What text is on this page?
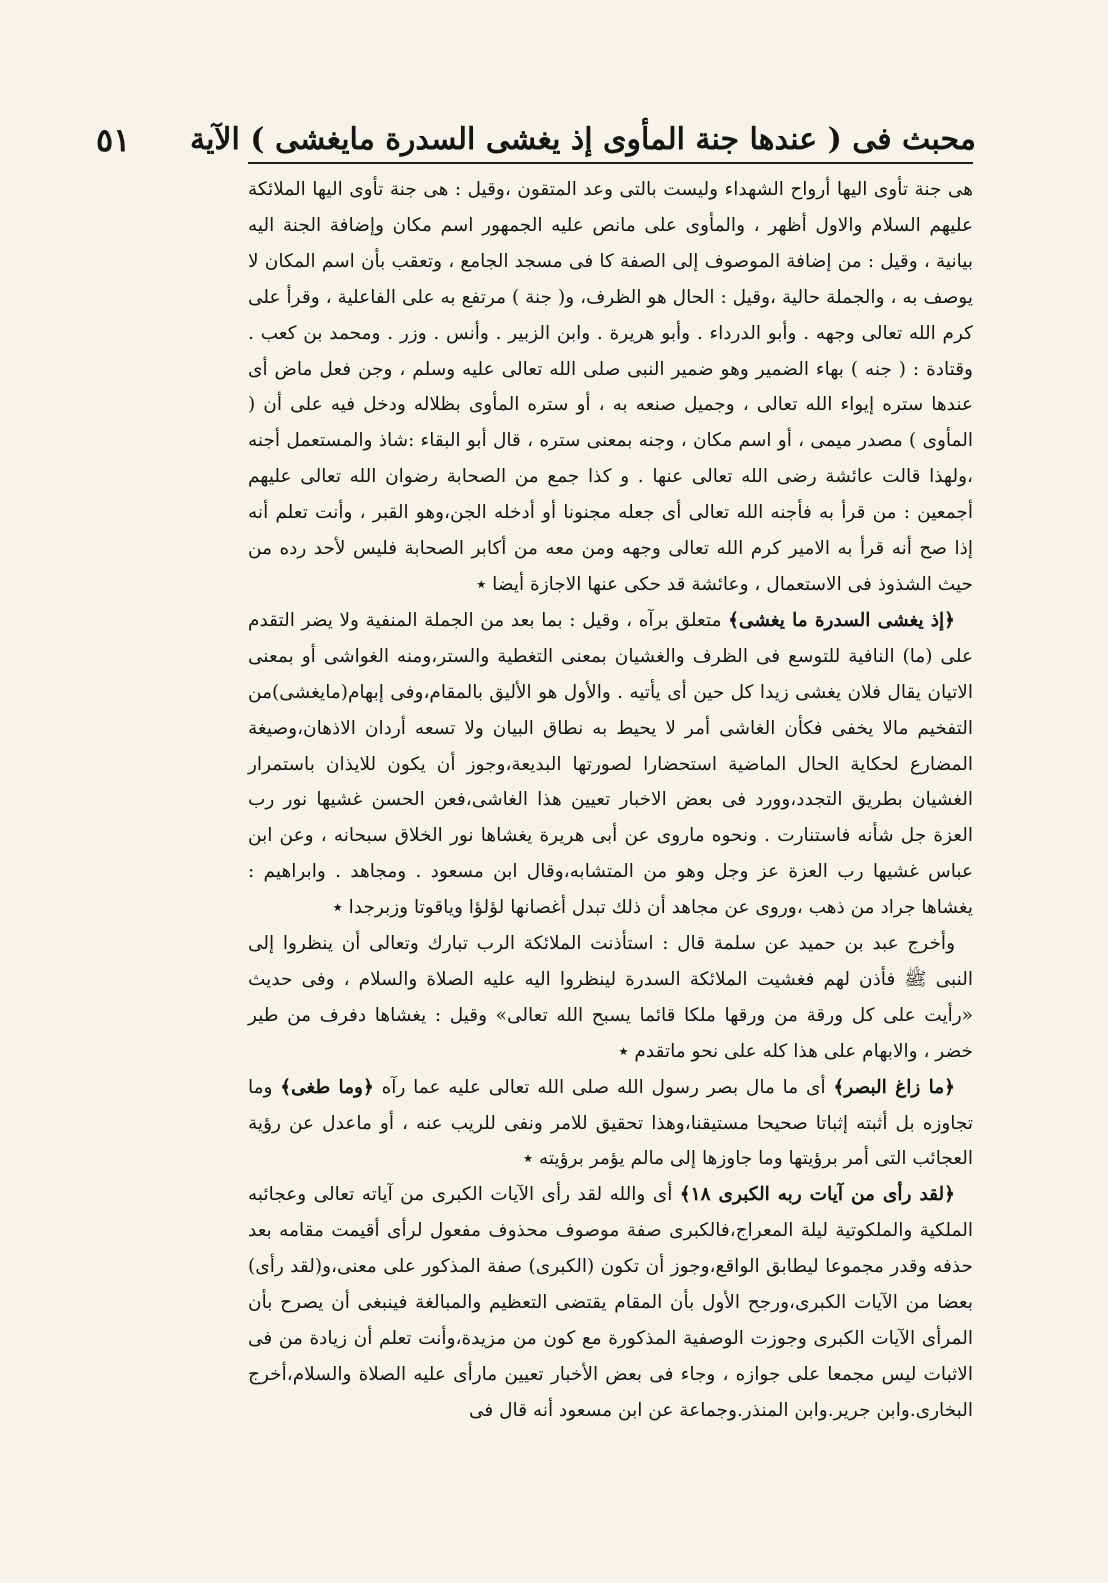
٥١ محبث فى ( عندها جنة المأوى إذ يغشى السدرة مايغشى ) الآية

هى جنة تأوى اليها أرواح الشهداء وليست بالتى وعد المتقون ،وقيل : هى جنة تأوى اليها الملائكة عليهم السلام والاول أظهر ، والمأوى على مانص عليه الجمهور اسم مكان وإضافة الجنة اليه بيانية ، وقيل : من إضافة الموصوف إلى الصفة كا فى مسجد الجامع ، وتعقب بأن اسم المكان لا يوصف به ، والجملة حالية ،وقيل : الحال هو الظرف، و( جنة ) مرتفع به على الفاعلية ، وقرأ على كرم الله تعالى وجهه . وأبو الدرداء . وأبو هريرة . وابن الزبير . وأنس . وزر . ومحمد بن كعب . وقتادة : ( جنه ) بهاء الضمير وهو ضمير النبى صلى الله تعالى عليه وسلم ، وجن فعل ماض أى عندها ستره إيواء الله تعالى ، وجميل صنعه به ، أو ستره المأوى بظلاله ودخل فيه على أن ( المأوى ) مصدر ميمى ، أو اسم مكان ، وجنه بمعنى ستره ، قال أبو البقاء :شاذ والمستعمل أجنه ،ولهذا قالت عائشة رضى الله تعالى عنها . و كذا جمع من الصحابة رضوان الله تعالى عليهم أجمعين : من قرأ به فأجنه الله تعالى أى جعله مجنونا أو أدخله الجن،وهو القبر ، وأنت تعلم أنه إذا صح أنه قرأ به الامير كرم الله تعالى وجهه ومن معه من أكابر الصحابة فليس لأحد رده من حيث الشذوذ فى الاستعمال ، وعائشة قد حكى عنها الاجازة أيضا ٭

﴿إذ يغشى السدرة ما يغشى﴾ متعلق برآه ، وقيل : بما بعد من الجملة المنفية ولا يضر التقدم على (ما) النافية للتوسع فى الظرف والغشيان بمعنى التغطية والستر،ومنه الغواشى أو بمعنى الاتيان يقال فلان يغشى زيدا كل حين أى يأتيه . والأول هو الأليق بالمقام،وفى إبهام(مايغشى)من التفخيم مالا يخفى فكأن الغاشى أمر لا يحيط به نطاق البيان ولا تسعه أردان الاذهان،وصيغة المضارع لحكاية الحال الماضية استحضارا لصورتها البديعة،وجوز أن يكون للايذان باستمرار الغشيان بطريق التجدد،وورد فى بعض الاخبار تعيين هذا الغاشى،فعن الحسن غشيها نور رب العزة جل شأنه فاستنارت . ونحوه ماروى عن أبى هريرة يغشاها نور الخلاق سبحانه ، وعن ابن عباس غشيها رب العزة عز وجل وهو من المتشابه،وقال ابن مسعود . ومجاهد . وابراهيم : يغشاها جراد من ذهب ،وروى عن مجاهد أن ذلك تبدل أغصانها لؤلؤا وياقوتا وزبرجدا ٭

وأخرج عبد بن حميد عن سلمة قال : استأذنت الملائكة الرب تبارك وتعالى أن ينظروا إلى النبى ﷺ فأذن لهم فغشيت الملائكة السدرة لينظروا اليه عليه الصلاة والسلام ، وفى حديث «رأيت على كل ورقة من ورقها ملكا قائما يسبح الله تعالى» وقيل : يغشاها دفرف من طير خضر ، والابهام على هذا كله على نحو ماتقدم ٭

﴿ما زاغ البصر﴾ أى ما مال بصر رسول الله صلى الله تعالى عليه عما رآه ﴿وما طغى﴾ وما تجاوزه بل أثبته إثباتا صحيحا مستيقنا،وهذا تحقيق للامر ونفى للريب عنه ، أو ماعدل عن رؤية العجائب التى أمر برؤيتها وما جاوزها إلى مالم يؤمر برؤيته ٭

﴿لقد رأى من آيات ربه الكبرى ١٨﴾ أى والله لقد رأى الآيات الكبرى من آياته تعالى وعجائبه الملكية والملكوتية ليلة المعراج،فالكبرى صفة موصوف محذوف مفعول لرأى أقيمت مقامه بعد حذفه وقدر مجموعا ليطابق الواقع،وجوز أن تكون (الكبرى) صفة المذكور على معنى،و(لقد رأى) بعضا من الآيات الكبرى،ورجح الأول بأن المقام يقتضى التعظيم والمبالغة فينبغى أن يصرح بأن المرأى الآيات الكبرى وجوزت الوصفية المذكورة مع كون من مزيدة،وأنت تعلم أن زيادة من فى الاثبات ليس مجمعا على جوازه ، وجاء فى بعض الأخبار تعيين مارأى عليه الصلاة والسلام،أخرج البخارى.وابن جرير.وابن المنذر.وجماعة عن ابن مسعود أنه قال فى
